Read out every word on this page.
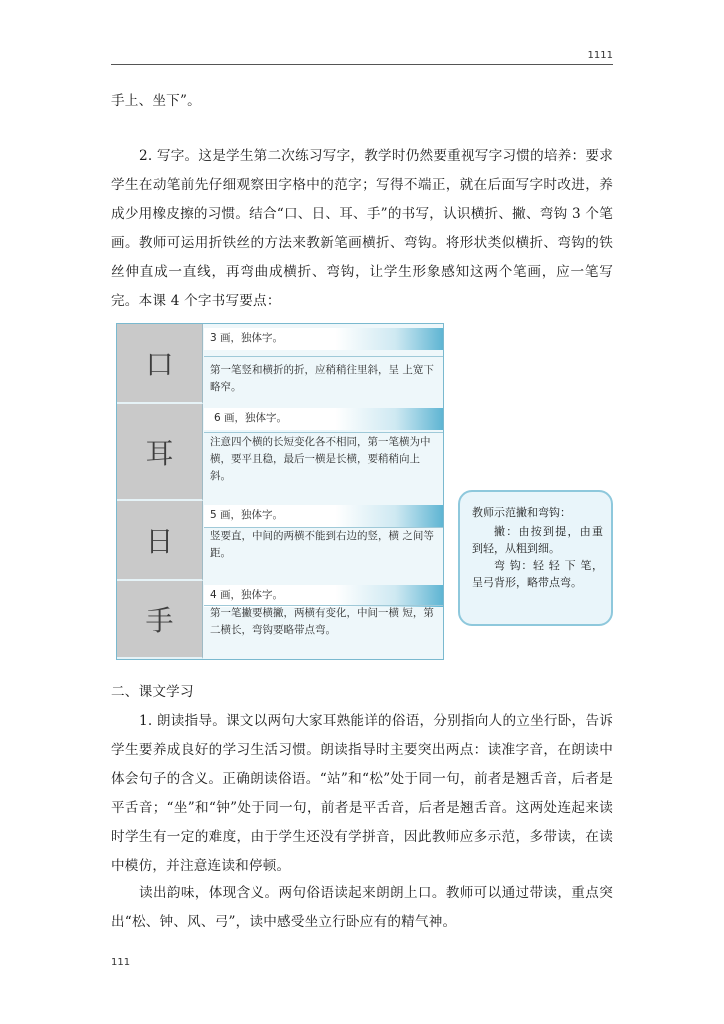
1111

手上、坐下”。

2. 写字。这是学生第二次练习写字，教学时仍然要重视写字习惯的培养：要求学生在动笔前先仔细观察田字格中的范字；写得不端正，就在后面写字时改进，养成少用橡皮擦的习惯。结合“口、日、耳、手”的书写，认识横折、撇、弯钩 3 个笔画。教师可运用折铁丝的方法来教新笔画横折、弯钩。将形状类似横折、弯钩的铁丝伸直成一直线，再弯曲成横折、弯钩，让学生形象感知这两个笔画，应一笔写完。本课 4 个字书写要点：

口
3 画，独体字。
第一笔竖和横折的折，应稍稍往里斜，呈 上宽下略窄。
耳
6 画，独体字。
注意四个横的长短变化各不相同，第一笔横为中横，要平且稳，最后一横是长横，要稍稍向上斜。
日
5 画，独体字。
竖要直，中间的两横不能到右边的竖，横 之间等距。
手
4 画，独体字。
第一笔撇要横撇，两横有变化，中间一横 短，第二横长，弯钩要略带点弯。

教师示范撇和弯钩：

撇：由按到提，由重到轻，从粗到细。

弯 钩：轻 轻 下 笔，呈弓背形，略带点弯。

二、课文学习

1. 朗读指导。课文以两句大家耳熟能详的俗语，分别指向人的立坐行卧，告诉学生要养成良好的学习生活习惯。朗读指导时主要突出两点：读准字音，在朗读中体会句子的含义。正确朗读俗语。“站”和“松”处于同一句，前者是翘舌音，后者是平舌音；“坐”和“钟”处于同一句，前者是平舌音，后者是翘舌音。这两处连起来读时学生有一定的难度，由于学生还没有学拼音，因此教师应多示范，多带读，在读中模仿，并注意连读和停顿。

读出韵味，体现含义。两句俗语读起来朗朗上口。教师可以通过带读，重点突出“松、钟、风、弓”，读中感受坐立行卧应有的精气神。

111
